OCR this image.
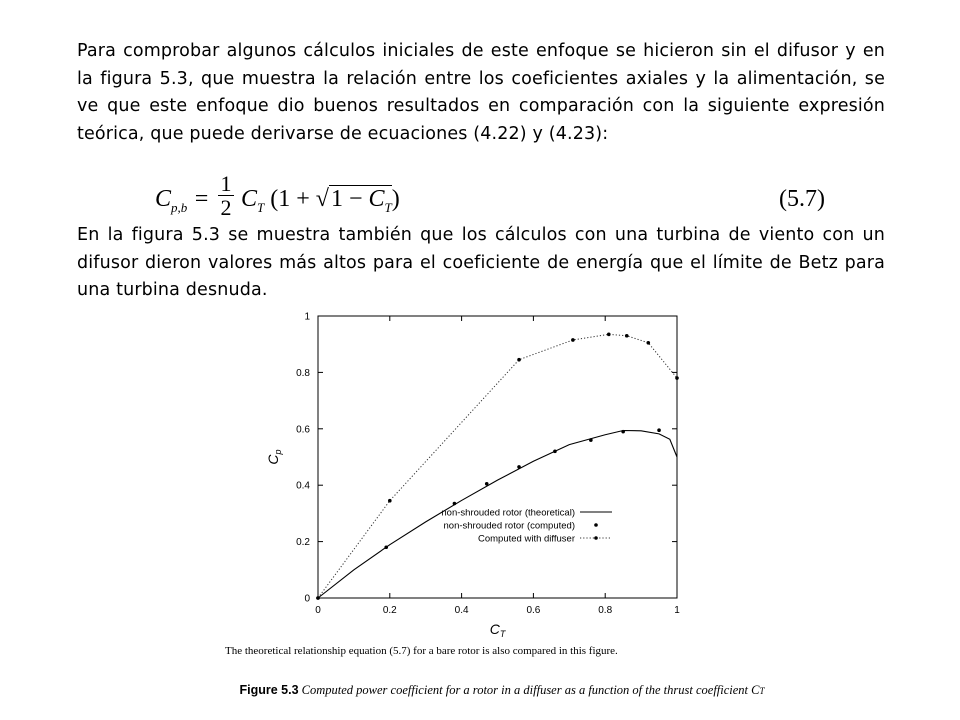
Para comprobar algunos cálculos iniciales de este enfoque se hicieron sin el difusor y en la figura 5.3, que muestra la relación entre los coeficientes axiales y la alimentación, se ve que este enfoque dio buenos resultados en comparación con la siguiente expresión teórica, que puede derivarse de ecuaciones (4.22) y (4.23):
$C_{p,b} = \frac{1}{2} C_T$ $(1 + √1 - C_T)$	(5.7)
En la figura 5.3 se muestra también que los cálculos con una turbina de viento con un difusor dieron valores más altos para el coeficiente de energía que el límite de Betz para una turbina desnuda.
0	0.2	0.4	0.6	0.8	1
0
0.2
0.4
0.6
0.8
1
non-shrouded rotor (theoretical)
non-shrouded rotor (computed)
Computed with diffuser
$C_T$
$C_p$
The theoretical relationship equation (5.7) for a bare rotor is also compared in this figure.
Figure 5.3 Computed power coefficient for a rotor in a diffuser as a function of the thrust coefficient CT
